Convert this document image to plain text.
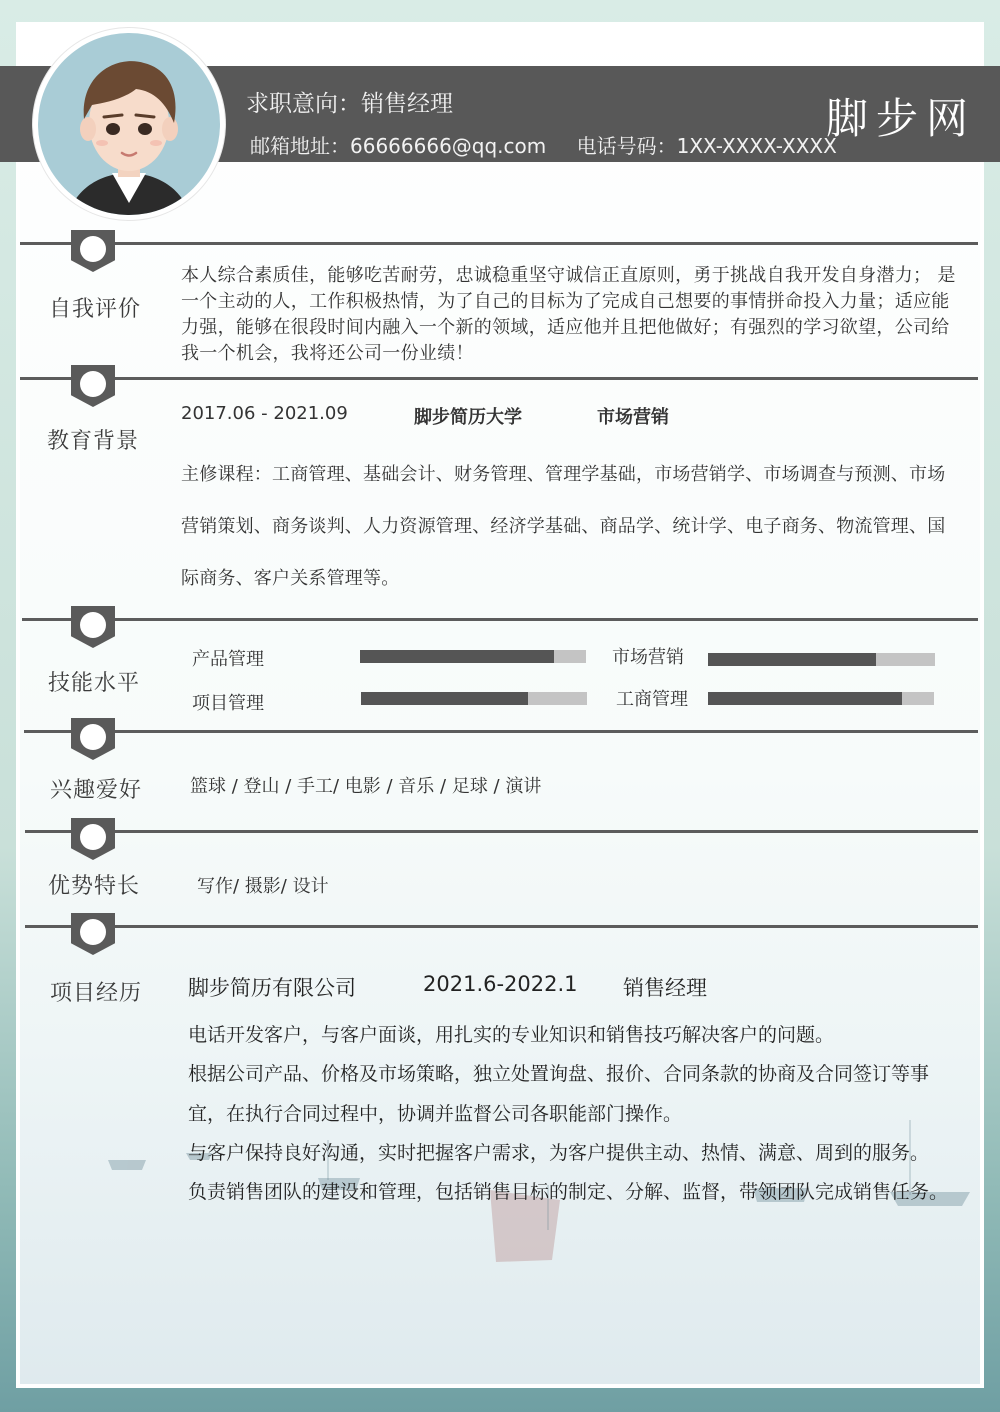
求职意向：销售经理
邮箱地址：66666666@qq.com 电话号码：1XX-XXXX-XXXX
脚步网
自我评价
本人综合素质佳，能够吃苦耐劳，忠诚稳重坚守诚信正直原则，勇于挑战自我开发自身潜力； 是一个主动的人，工作积极热情，为了自己的目标为了完成自己想要的事情拼命投入力量；适应能力强，能够在很段时间内融入一个新的领域，适应他并且把他做好；有强烈的学习欲望，公司给我一个机会，我将还公司一份业绩！
教育背景
2017.06 - 2021.09	脚步简历大学	市场营销
主修课程：工商管理、基础会计、财务管理、管理学基础，市场营销学、市场调查与预测、市场营销策划、商务谈判、人力资源管理、经济学基础、商品学、统计学、电子商务、物流管理、国际商务、客户关系管理等。
技能水平
产品管理	市场营销
项目管理	工商管理
兴趣爱好	篮球 / 登山 / 手工/ 电影 / 音乐 / 足球 / 演讲
优势特长	写作/ 摄影/ 设计
项目经历 脚步简历有限公司	2021.6-2022.1 销售经理

电话开发客户，与客户面谈，用扎实的专业知识和销售技巧解决客户的问题。

根据公司产品、价格及市场策略，独立处置询盘、报价、合同条款的协商及合同签订等事宜，在执行合同过程中，协调并监督公司各职能部门操作。

与客户保持良好沟通，实时把握客户需求，为客户提供主动、热情、满意、周到的服务。

负责销售团队的建设和管理，包括销售目标的制定、分解、监督，带领团队完成销售任务。
